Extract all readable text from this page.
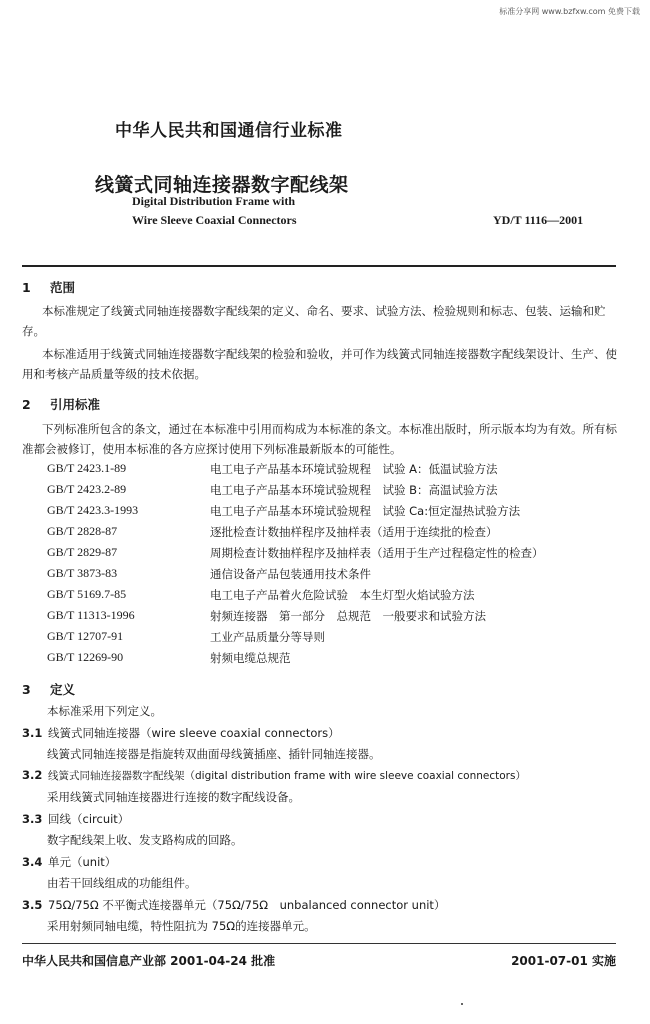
标准分享网 www.bzfxw.com 免费下载
中华人民共和国通信行业标准
线簧式同轴连接器数字配线架
Digital Distribution Frame with
Wire Sleeve Coaxial Connectors	YD/T 1116—2001
1 范围
本标准规定了线簧式同轴连接器数字配线架的定义、命名、要求、试验方法、检验规则和标志、包装、运输和贮存。
本标准适用于线簧式同轴连接器数字配线架的检验和验收，并可作为线簧式同轴连接器数字配线架设计、生产、使用和考核产品质量等级的技术依据。
2 引用标准
下列标准所包含的条文，通过在本标准中引用而构成为本标准的条文。本标准出版时，所示版本均为有效。所有标准都会被修订，使用本标准的各方应探讨使用下列标准最新版本的可能性。
GB/T 2423.1-89	电工电子产品基本环境试验规程　试验 A：低温试验方法
GB/T 2423.2-89	电工电子产品基本环境试验规程　试验 B：高温试验方法
GB/T 2423.3-1993	电工电子产品基本环境试验规程　试验 Ca:恒定湿热试验方法
GB/T 2828-87	逐批检查计数抽样程序及抽样表（适用于连续批的检查）
GB/T 2829-87	周期检查计数抽样程序及抽样表（适用于生产过程稳定性的检查）
GB/T 3873-83	通信设备产品包装通用技术条件
GB/T 5169.7-85	电工电子产品着火危险试验　本生灯型火焰试验方法
GB/T 11313-1996	射频连接器　第一部分　总规范　一般要求和试验方法
GB/T 12707-91	工业产品质量分等导则
GB/T 12269-90	射频电缆总规范
3 定义
本标准采用下列定义。
3.1 线簧式同轴连接器（wire sleeve coaxial connectors）
线簧式同轴连接器是指旋转双曲面母线簧插座、插针同轴连接器。
3.2 线簧式同轴连接器数字配线架（digital distribution frame with wire sleeve coaxial connectors）
采用线簧式同轴连接器进行连接的数字配线设备。
3.3 回线（circuit）
数字配线架上收、发支路构成的回路。
3.4 单元（unit）
由若干回线组成的功能组件。
3.5 75Ω/75Ω 不平衡式连接器单元（75Ω/75Ω　unbalanced connector unit）
采用射频同轴电缆，特性阻抗为 75Ω的连接器单元。
中华人民共和国信息产业部 2001-04-24 批准	2001-07-01 实施
